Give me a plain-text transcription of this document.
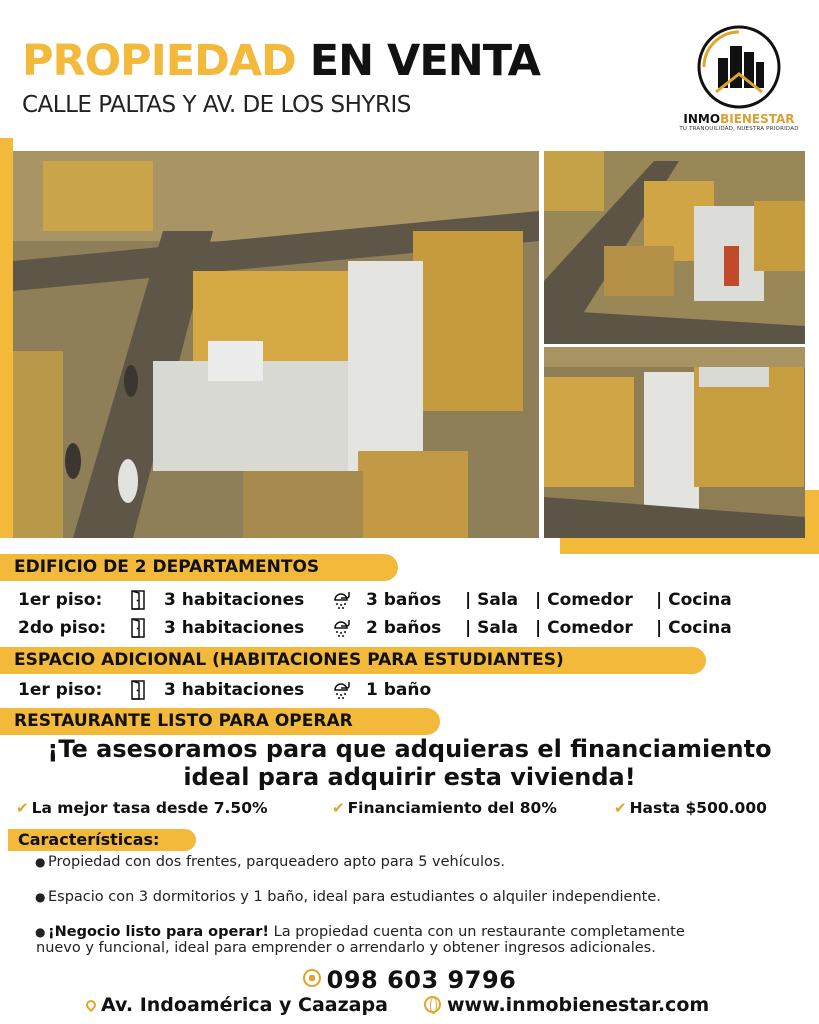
PROPIEDAD EN VENTA
CALLE PALTAS Y AV. DE LOS SHYRIS
INMOBIENESTAR
TU TRANQUILIDAD, NUESTRA PRIORIDAD
EDIFICIO DE 2 DEPARTAMENTOS
1er piso:	3 habitaciones	3 baños | Sala | Comedor | Cocina
2do piso:	3 habitaciones	2 baños | Sala | Comedor | Cocina
ESPACIO ADICIONAL (HABITACIONES PARA ESTUDIANTES)
1er piso:	3 habitaciones	1 baño
RESTAURANTE LISTO PARA OPERAR
¡Te asesoramos para que adquieras el financiamiento
ideal para adquirir esta vivienda!
✔ La mejor tasa desde 7.50%	✔ Financiamiento del 80%	✔ Hasta $500.000
Características:
● Propiedad con dos frentes, parqueadero apto para 5 vehículos.
● Espacio con 3 dormitorios y 1 baño, ideal para estudiantes o alquiler independiente.
● ¡Negocio listo para operar! La propiedad cuenta con un restaurante completamente
nuevo y funcional, ideal para emprender o arrendarlo y obtener ingresos adicionales.
098 603 9796
Av. Indoamérica y Caazapa	www.inmobienestar.com
